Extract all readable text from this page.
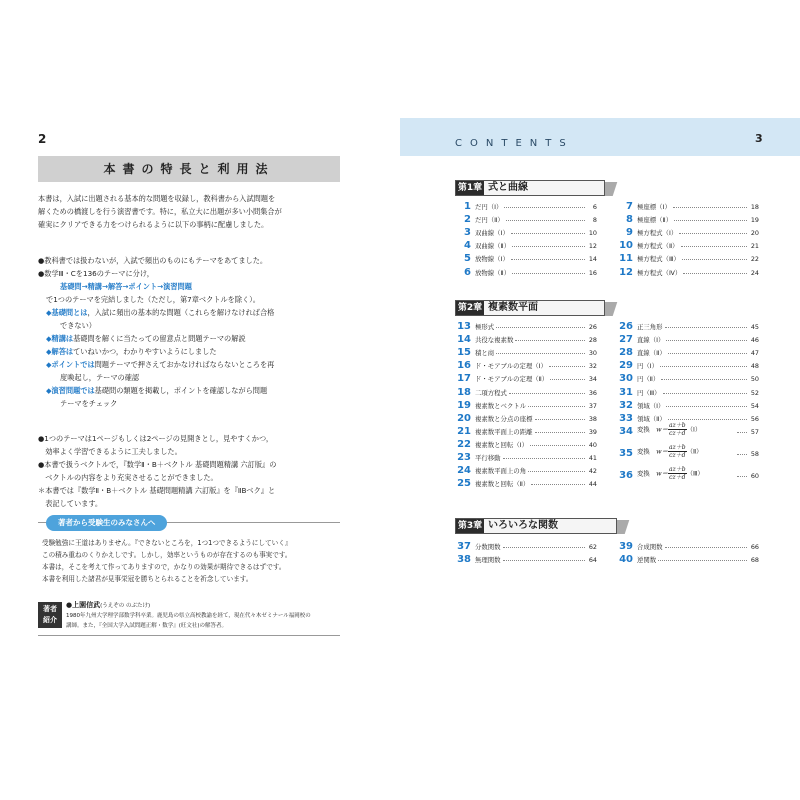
2
本書の特長と利用法
本書は，入試に出題される基本的な問題を収録し，教科書から入試問題を
解くための橋渡しを行う演習書です。特に，私立大に出題が多い小問集合が
確実にクリアできる力をつけられるように以下の事柄に配慮しました。
●教科書では扱わないが，入試で頻出のものにもテーマをあてました。
●数学Ⅲ・Cを136のテーマに分け，
基礎問→精講→解答→ポイント→演習問題
で1つのテーマを完結しました（ただし，第7章ベクトルを除く）。
◆基礎問とは，入試に頻出の基本的な問題（これらを解けなければ合格
できない）
◆精講は基礎問を解くに当たっての留意点と問題テーマの解説
◆解答はていねいかつ，わかりやすいようにしました
◆ポイントでは問題テーマで押さえておかなければならないところを再
度喚起し，テーマの確認
◆演習問題では基礎問の類題を掲載し，ポイントを確認しながら問題
テーマをチェック
●1つのテーマは1ページもしくは2ページの見開きとし，見やすくかつ，
　効率よく学習できるように工夫しました。
●本書で扱うベクトルで，『数学Ⅱ・B＋ベクトル 基礎問題精講 六訂版』の
　ベクトルの内容をより充実させることができました。
＊本書では『数学Ⅱ・B＋ベクトル 基礎問題精講 六訂版』を『ⅡBベク』と
　表記しています。
著者から受験生のみなさんへ
受験勉強に王道はありません。『できないところを，1つ1つできるようにしていく』
この積み重ねのくりかえしです。しかし，効率というものが存在するのも事実です。
本書は，そこを考えて作ってありますので，かなりの効果が期待できるはずです。
本書を利用した諸君が見事栄冠を勝ちとられることを祈念しています。
著者
紹介
●上園信武(うえぞの のぶたけ)
1980年九州大学理学部数学科卒業。鹿児島の県立高校教諭を経て，現在代々木ゼミナール福岡校の
講師。また，『全国大学入試問題正解・数学』(旺文社)の解答者。
CONTENTS	3
第1章 式と曲線
1 だ円（Ⅰ）	6
2 だ円（Ⅱ）	8
3 双曲線（Ⅰ）	10
4 双曲線（Ⅱ）	12
5 放物線（Ⅰ）	14
6 放物線（Ⅱ）	16
7 極座標（Ⅰ）	18
8 極座標（Ⅱ）	19
9 極方程式（Ⅰ）	20
10 極方程式（Ⅱ）	21
11 極方程式（Ⅲ）	22
12 極方程式（Ⅳ）	24
第2章 複素数平面
13 極形式	26
14 共役な複素数	28
15 積と商	30
16 ド・モアブルの定理（Ⅰ）	32
17 ド・モアブルの定理（Ⅱ）	34
18 二項方程式	36
19 複素数とベクトル	37
20 複素数と分点の座標	38
21 複素数平面上の距離	39
22 複素数と回転（Ⅰ）	40
23 平行移動	41
24 複素数平面上の角	42
25 複素数と回転（Ⅱ）	44
26 正三角形	45
27 直線（Ⅰ）	46
28 直線（Ⅱ）	47
29 円（Ⅰ）	48
30 円（Ⅱ）	50
31 円（Ⅲ）	52
32 領域（Ⅰ）	54
33 領域（Ⅱ）	56
34 変換　$w= \frac{az+b}{cz+d}$ （Ⅰ）	57
35 変換　$w= \frac{az+b}{cz+d}$ （Ⅱ）	58
36 変換　$w= \frac{az+b}{cz+d}$ （Ⅲ）	60
第3章 いろいろな関数
37 分数関数	62
38 無理関数	64
39 合成関数	66
40 逆関数	68
